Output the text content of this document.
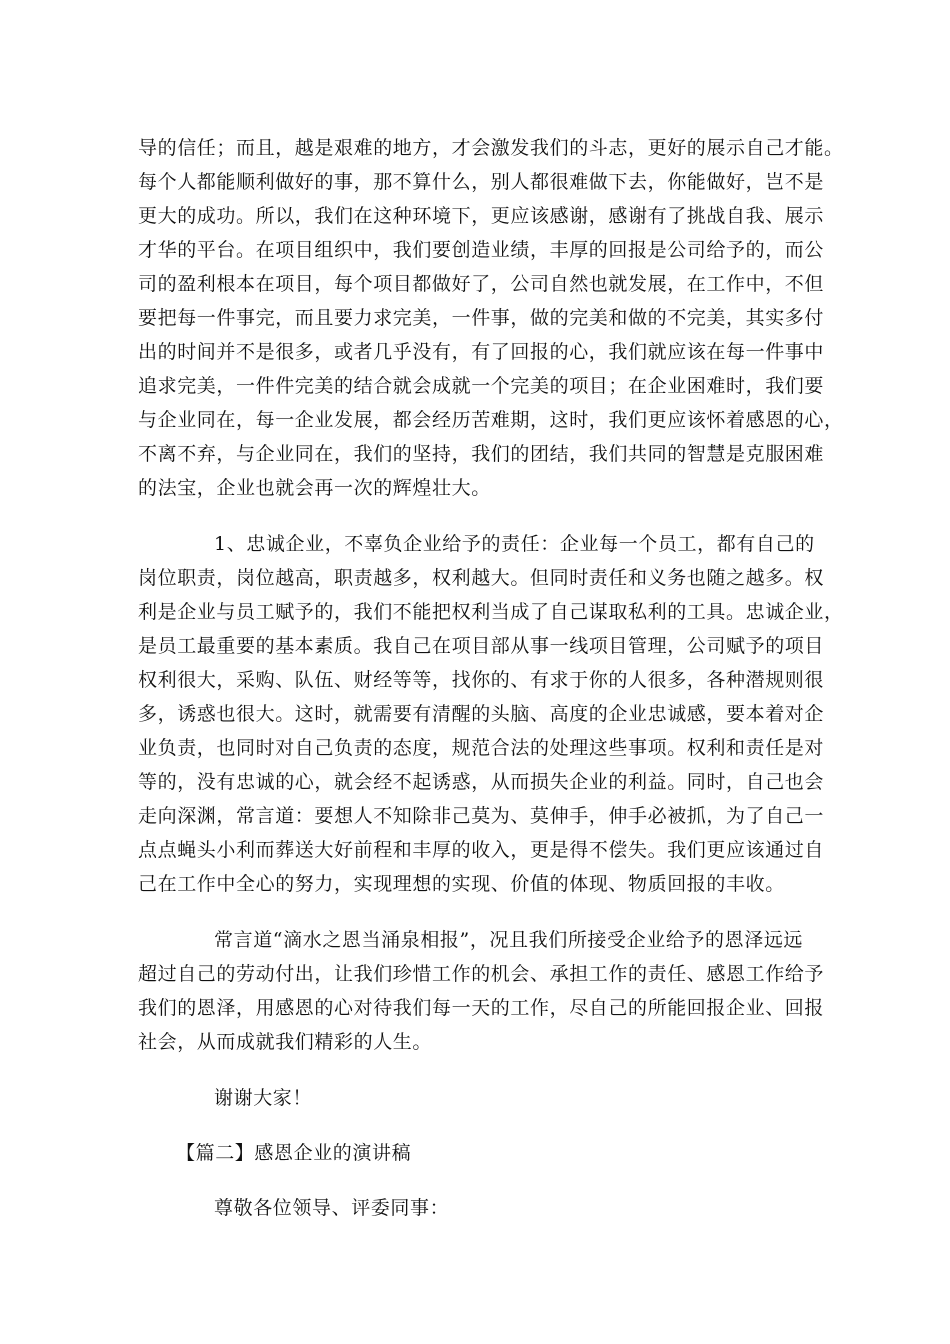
导的信任；而且，越是艰难的地方，才会激发我们的斗志，更好的展示自己才能。
每个人都能顺利做好的事，那不算什么，别人都很难做下去，你能做好，岂不是
更大的成功。所以，我们在这种环境下，更应该感谢，感谢有了挑战自我、展示
才华的平台。在项目组织中，我们要创造业绩，丰厚的回报是公司给予的，而公
司的盈利根本在项目，每个项目都做好了，公司自然也就发展，在工作中，不但
要把每一件事完，而且要力求完美，一件事，做的完美和做的不完美，其实多付
出的时间并不是很多，或者几乎没有，有了回报的心，我们就应该在每一件事中
追求完美，一件件完美的结合就会成就一个完美的项目；在企业困难时，我们要
与企业同在，每一企业发展，都会经历苦难期，这时，我们更应该怀着感恩的心，
不离不弃，与企业同在，我们的坚持，我们的团结，我们共同的智慧是克服困难
的法宝，企业也就会再一次的辉煌壮大。
1、忠诚企业，不辜负企业给予的责任：企业每一个员工，都有自己的
岗位职责，岗位越高，职责越多，权利越大。但同时责任和义务也随之越多。权
利是企业与员工赋予的，我们不能把权利当成了自己谋取私利的工具。忠诚企业，
是员工最重要的基本素质。我自己在项目部从事一线项目管理，公司赋予的项目
权利很大，采购、队伍、财经等等，找你的、有求于你的人很多，各种潜规则很
多，诱惑也很大。这时，就需要有清醒的头脑、高度的企业忠诚感，要本着对企
业负责，也同时对自己负责的态度，规范合法的处理这些事项。权利和责任是对
等的，没有忠诚的心，就会经不起诱惑，从而损失企业的利益。同时，自己也会
走向深渊，常言道：要想人不知除非己莫为、莫伸手，伸手必被抓，为了自己一
点点蝇头小利而葬送大好前程和丰厚的收入，更是得不偿失。我们更应该通过自
己在工作中全心的努力，实现理想的实现、价值的体现、物质回报的丰收。
常言道“滴水之恩当涌泉相报”，况且我们所接受企业给予的恩泽远远
超过自己的劳动付出，让我们珍惜工作的机会、承担工作的责任、感恩工作给予
我们的恩泽，用感恩的心对待我们每一天的工作，尽自己的所能回报企业、回报
社会，从而成就我们精彩的人生。
谢谢大家！
【篇二】感恩企业的演讲稿
尊敬各位领导、评委同事：
